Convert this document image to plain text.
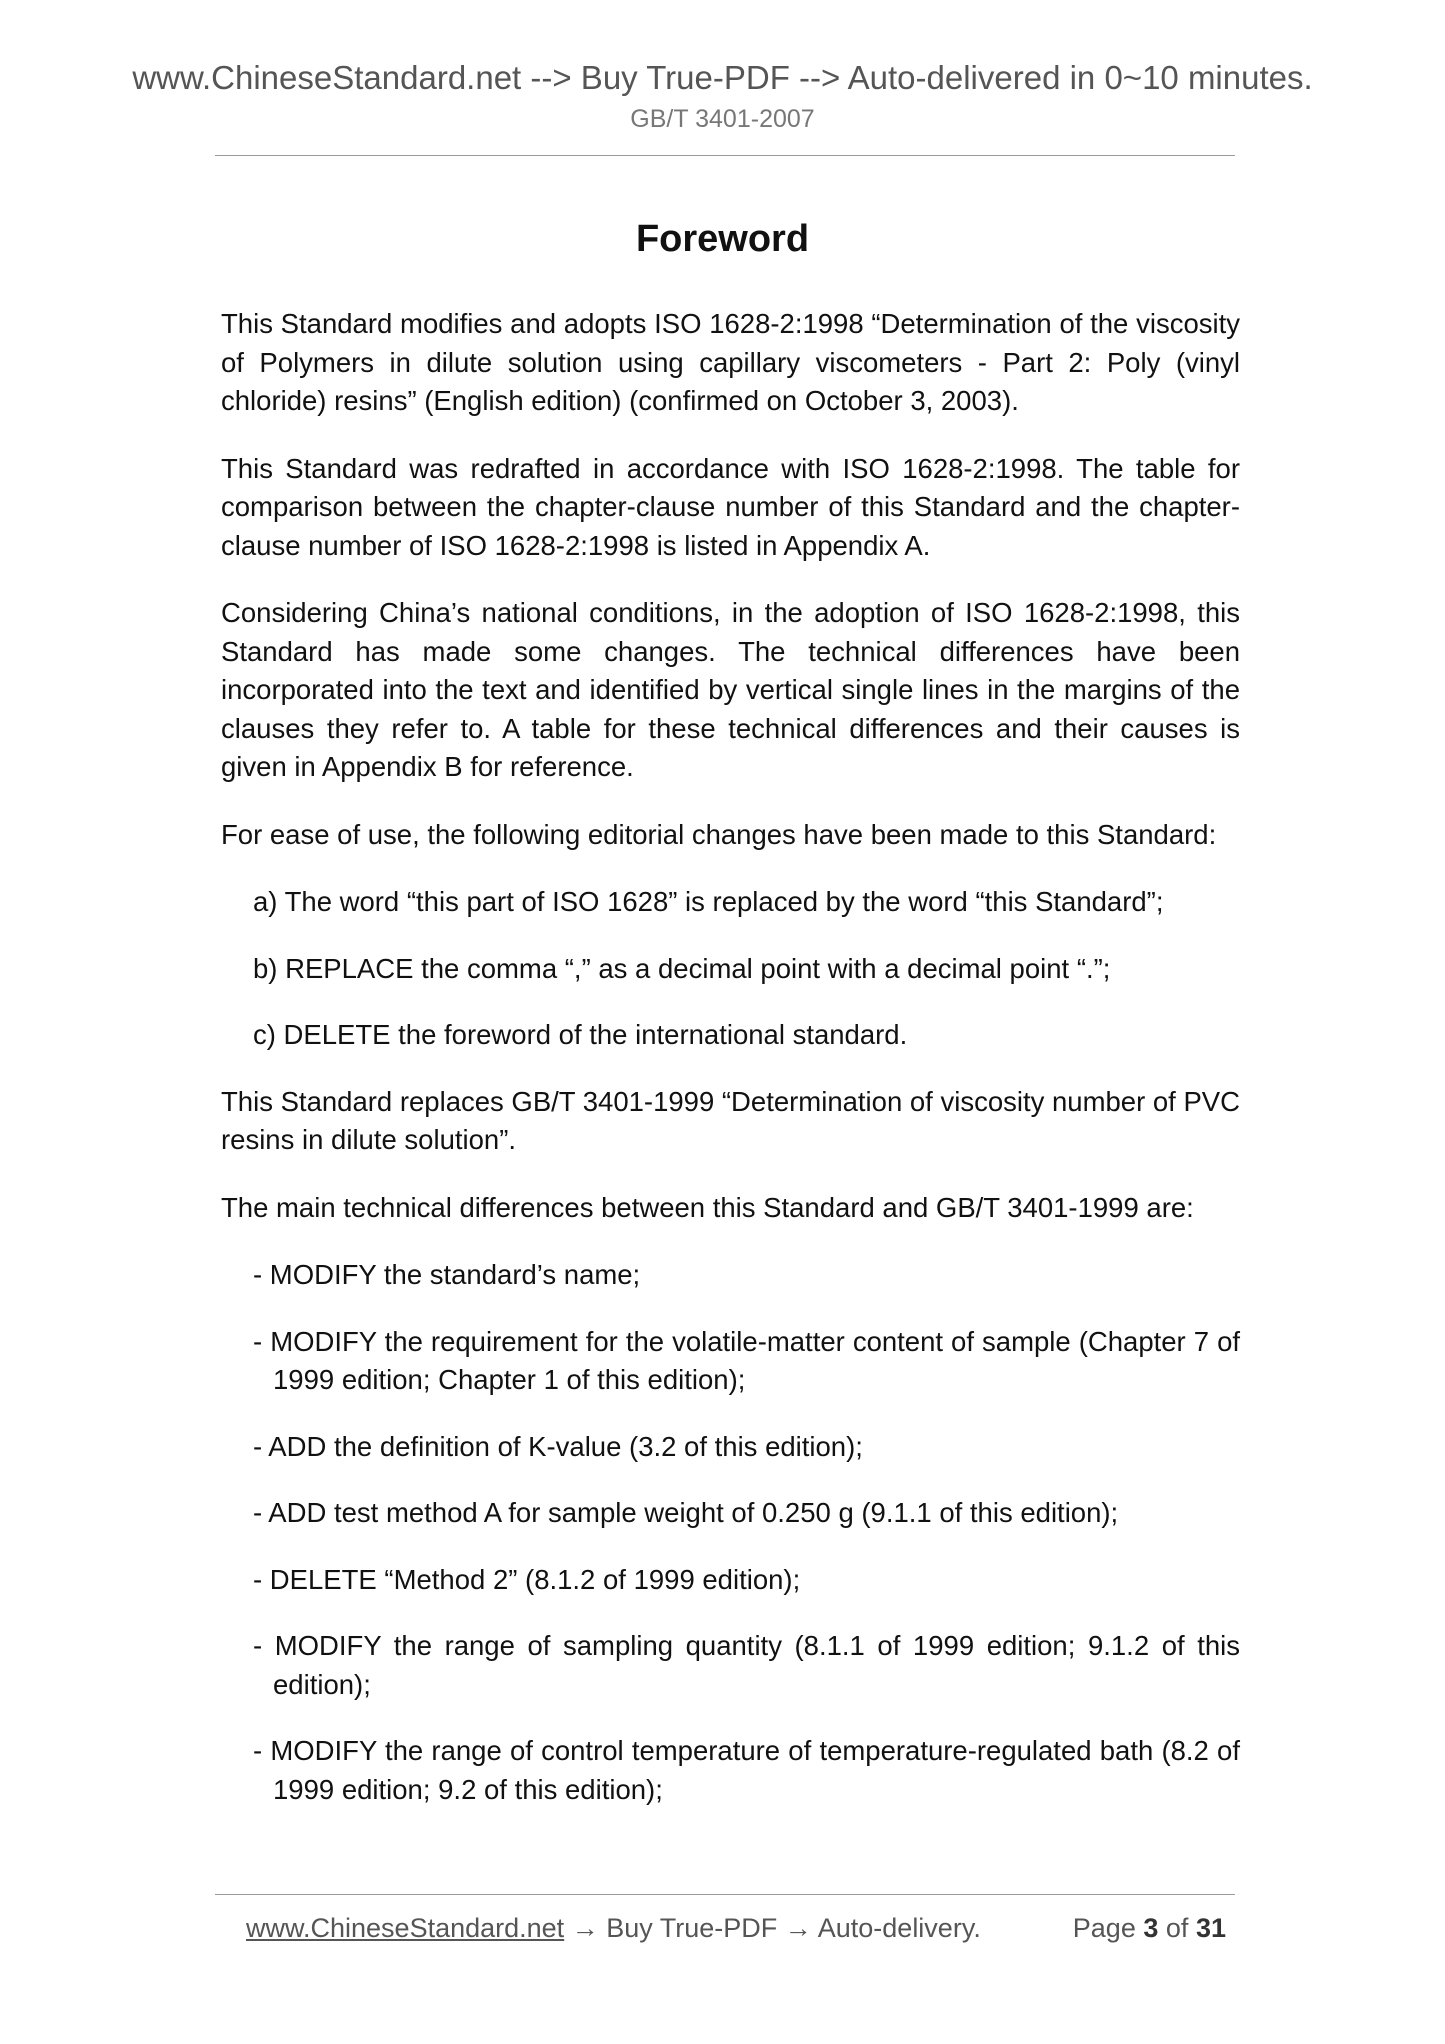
www.ChineseStandard.net --> Buy True-PDF --> Auto-delivered in 0~10 minutes.
GB/T 3401-2007
Foreword

This Standard modifies and adopts ISO 1628-2:1998 “Determination of the viscosity of Polymers in dilute solution using capillary viscometers - Part 2: Poly (vinyl chloride) resins” (English edition) (confirmed on October 3, 2003).

This Standard was redrafted in accordance with ISO 1628-2:1998. The table for comparison between the chapter-clause number of this Standard and the chapter-clause number of ISO 1628-2:1998 is listed in Appendix A.

Considering China’s national conditions, in the adoption of ISO 1628-2:1998, this Standard has made some changes. The technical differences have been incorporated into the text and identified by vertical single lines in the margins of the clauses they refer to. A table for these technical differences and their causes is given in Appendix B for reference.

For ease of use, the following editorial changes have been made to this Standard:

a) The word “this part of ISO 1628” is replaced by the word “this Standard”;
b) REPLACE the comma “,” as a decimal point with a decimal point “.”;
c) DELETE the foreword of the international standard.

This Standard replaces GB/T 3401-1999 “Determination of viscosity number of PVC resins in dilute solution”.

The main technical differences between this Standard and GB/T 3401-1999 are:

- MODIFY the standard’s name;
- MODIFY the requirement for the volatile-matter content of sample (Chapter 7 of 1999 edition; Chapter 1 of this edition);
- ADD the definition of K-value (3.2 of this edition);
- ADD test method A for sample weight of 0.250 g (9.1.1 of this edition);
- DELETE “Method 2” (8.1.2 of 1999 edition);
- MODIFY the range of sampling quantity (8.1.1 of 1999 edition; 9.1.2 of this edition);
- MODIFY the range of control temperature of temperature-regulated bath (8.2 of 1999 edition; 9.2 of this edition);
www.ChineseStandard.net → Buy True-PDF → Auto-delivery.	Page 3 of 31
